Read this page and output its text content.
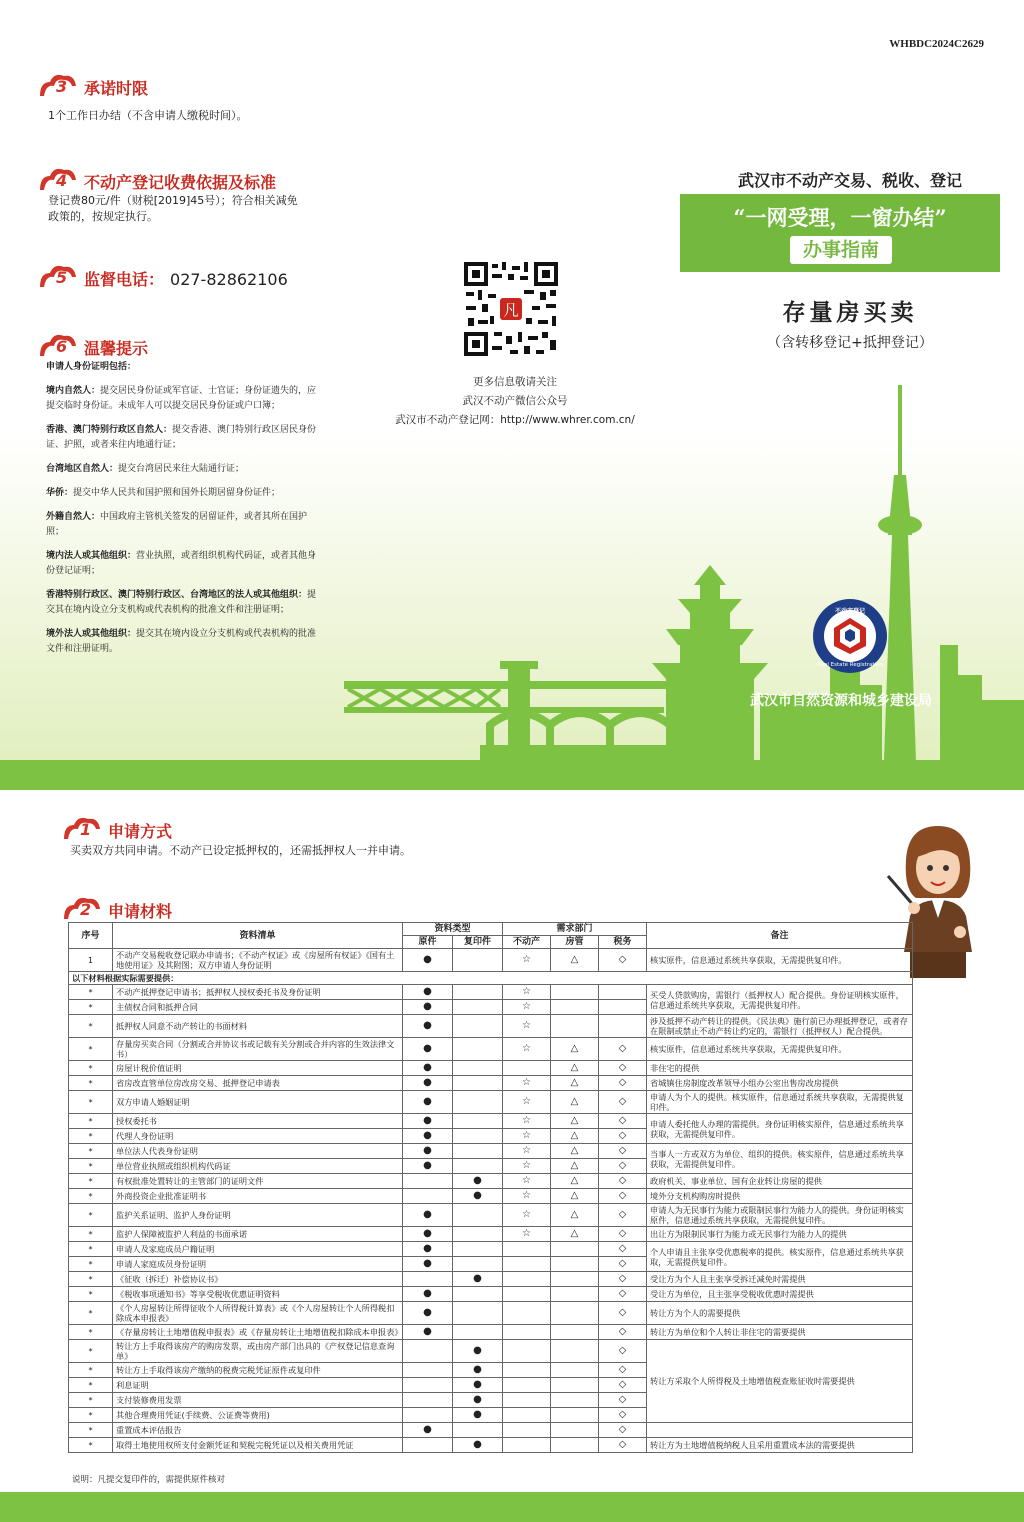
WHBDC2024C2629
3 承诺时限
1个工作日办结（不含申请人缴税时间）。
4 不动产登记收费依据及标准
登记费80元/件（财税[2019]45号）；符合相关减免
政策的，按规定执行。
5 监督电话： 027-82862106
6 温馨提示

申请人身份证明包括：

境内自然人：提交居民身份证或军官证、士官证；身份证遗失的，应提交临时身份证。未成年人可以提交居民身份证或户口簿；

香港、澳门特别行政区自然人：提交香港、澳门特别行政区居民身份证、护照，或者来往内地通行证；

台湾地区自然人：提交台湾居民来往大陆通行证；

华侨：提交中华人民共和国护照和国外长期居留身份证件；

外籍自然人：中国政府主管机关签发的居留证件，或者其所在国护照；

境内法人或其他组织：营业执照，或者组织机构代码证，或者其他身份登记证明；

香港特别行政区、澳门特别行政区、台湾地区的法人或其他组织：提交其在境内设立分支机构或代表机构的批准文件和注册证明；

境外法人或其他组织：提交其在境内设立分支机构或代表机构的批准文件和注册证明。

凡
更多信息敬请关注
武汉不动产微信公众号
武汉市不动产登记网：http://www.whrer.com.cn/
武汉市不动产交易、税收、登记
“一网受理，一窗办结”
办事指南
存量房买卖
（含转移登记+抵押登记）
不动产登记
Real Estate Registration
武汉市自然资源和城乡建设局
1 申请方式
买卖双方共同申请。不动产已设定抵押权的，还需抵押权人一并申请。
2 申请材料
序号	资料清单	资料类型		需求部门			备注
		原件	复印件	不动产	房管	税务	
1	不动产交易税收登记联办申请书；《不动产权证》或《房屋所有权证》《国有土地使用证》及其附图；双方申请人身份证明	●		☆	△	◇	核实原件，信息通过系统共享获取，无需提供复印件。
以下材料根据实际需要提供：							
*	不动产抵押登记申请书；抵押权人授权委托书及身份证明	●		☆			买受人贷款购房，需银行（抵押权人）配合提供。身份证明核实原件，信息通过系统共享获取，无需提供复印件。
*	主债权合同和抵押合同	●		☆			
*	抵押权人同意不动产转让的书面材料	●		☆			涉及抵押不动产转让的提供。《民法典》施行前已办理抵押登记，或者存在限制或禁止不动产转让约定的，需银行（抵押权人）配合提供。
*	存量房买卖合同（分割或合并协议书或记载有关分割或合并内容的生效法律文书）	●		☆	△	◇	核实原件，信息通过系统共享获取，无需提供复印件。
*	房屋计税价值证明	●			△	◇	非住宅的提供
*	省房改直管单位房改房交易、抵押登记申请表	●		☆	△	◇	省城镇住房制度改革领导小组办公室出售房改房提供
*	双方申请人婚姻证明	●		☆	△	◇	申请人为个人的提供。核实原件，信息通过系统共享获取，无需提供复印件。
*	授权委托书	●		☆	△	◇	申请人委托他人办理的需提供。身份证明核实原件，信息通过系统共享获取，无需提供复印件。
*	代理人身份证明	●		☆	△	◇	
*	单位法人代表身份证明	●		☆	△	◇	当事人一方或双方为单位、组织的提供。核实原件，信息通过系统共享获取，无需提供复印件。
*	单位营业执照或组织机构代码证	●		☆	△	◇	
*	有权批准处置转让的主管部门的证明文件		●	☆	△	◇	政府机关、事业单位、国有企业转让房屋的提供
*	外商投资企业批准证明书		●	☆	△	◇	境外分支机构购房时提供
*	监护关系证明、监护人身份证明	●		☆	△	◇	申请人为无民事行为能力或限制民事行为能力人的提供。身份证明核实原件，信息通过系统共享获取，无需提供复印件。
*	监护人保障被监护人利益的书面承诺	●		☆	△	◇	出让方为限制民事行为能力或无民事行为能力人的提供
*	申请人及家庭成员户籍证明	●				◇	个人申请且主张享受优惠税率的提供。核实原件，信息通过系统共享获取，无需提供复印件。
*	申请人家庭成员身份证明	●				◇	
*	《征收（拆迁）补偿协议书》		●			◇	受让方为个人且主张享受拆迁减免时需提供
*	《税收事项通知书》等享受税收优惠证明资料	●				◇	受让方为单位，且主张享受税收优惠时需提供
*	《个人房屋转让所得征收个人所得税计算表》或《个人房屋转让个人所得税扣除成本申报表》	●				◇	转让方为个人的需要提供
*	《存量房转让土地增值税申报表》或《存量房转让土地增值税扣除成本申报表》	●				◇	转让方为单位和个人转让非住宅的需要提供
*	转让方上手取得该房产的购房发票，或由房产部门出具的《产权登记信息查询单》		●			◇	转让方采取个人所得税及土地增值税查账征收时需要提供
*	转让方上手取得该房产缴纳的税费完税凭证原件或复印件		●			◇	
*	利息证明		●			◇	
*	支付装修费用发票		●			◇	
*	其他合理费用凭证(手续费、公证费等费用)		●			◇	
*	重置成本评估报告	●				◇	
*	取得土地使用权所支付金额凭证和契税完税凭证以及相关费用凭证		●			◇	转让方为土地增值税纳税人且采用重置成本法的需要提供
说明：凡提交复印件的，需提供原件核对
